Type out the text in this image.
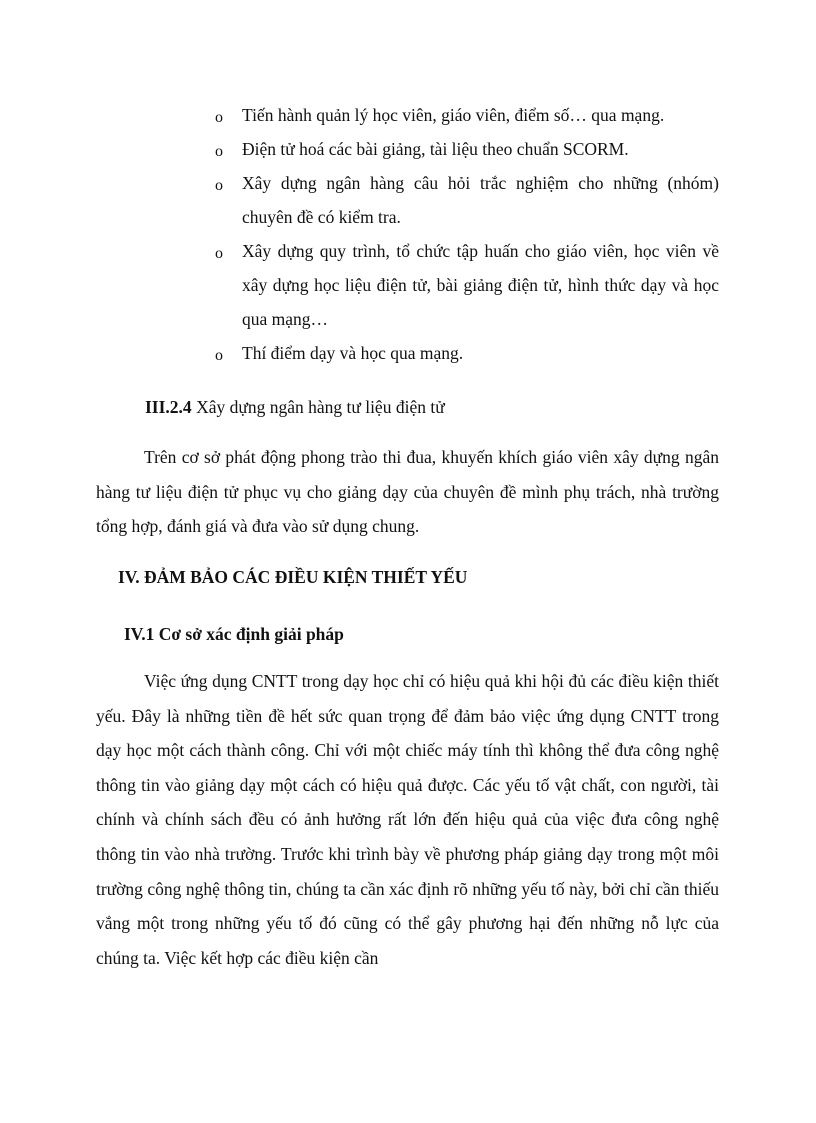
o Tiến hành quản lý học viên, giáo viên, điểm số… qua mạng.
o Điện tử hoá các bài giảng, tài liệu theo chuẩn SCORM.
o Xây dựng ngân hàng câu hỏi trắc nghiệm cho những (nhóm) chuyên đề có kiểm tra.
o Xây dựng quy trình, tổ chức tập huấn cho giáo viên, học viên về xây dựng học liệu điện tử, bài giảng điện tử, hình thức dạy và học qua mạng…
o Thí điểm dạy và học qua mạng.
III.2.4 Xây dựng ngân hàng tư liệu điện tử
Trên cơ sở phát động phong trào thi đua, khuyến khích giáo viên xây dựng ngân hàng tư liệu điện tử phục vụ cho giảng dạy của chuyên đề mình phụ trách, nhà trường tổng hợp, đánh giá và đưa vào sử dụng chung.
IV. ĐẢM BẢO CÁC ĐIỀU KIỆN THIẾT YẾU
IV.1 Cơ sở xác định giải pháp
Việc ứng dụng CNTT trong dạy học chỉ có hiệu quả khi hội đủ các điều kiện thiết yếu. Đây là những tiền đề hết sức quan trọng để đảm bảo việc ứng dụng CNTT trong dạy học một cách thành công. Chỉ với một chiếc máy tính thì không thể đưa công nghệ thông tin vào giảng dạy một cách có hiệu quả được. Các yếu tố vật chất, con người, tài chính và chính sách đều có ảnh hưởng rất lớn đến hiệu quả của việc đưa công nghệ thông tin vào nhà trường. Trước khi trình bày về phương pháp giảng dạy trong một môi trường công nghệ thông tin, chúng ta cần xác định rõ những yếu tố này, bởi chỉ cần thiếu vắng một trong những yếu tố đó cũng có thể gây phương hại đến những nỗ lực của chúng ta. Việc kết hợp các điều kiện cần
